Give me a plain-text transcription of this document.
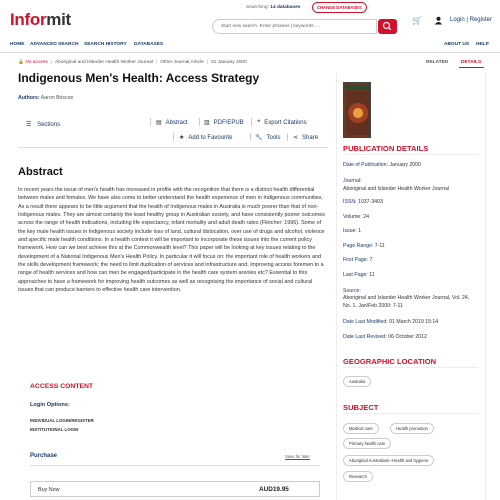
Informit
Searching: 14 databases	CHANGE DATABASES
Start new search. Enter phrases | keywords ...
🛒	Login | Register
HOME ADVANCED SEARCH SEARCH HISTORY DATABASES	ABOUT US HELP
RELATED	DETAILS
🔒 No access | Aboriginal and Islander Health Worker Journal | Other Journal Article | 01 January 2000
Indigenous Men's Health: Access Strategy
Authors: Aaron Briscoe
☰ Sections	▤ Abstract	▥ PDF/EPUB ❝ Export Citations
★ Add to Favourite	🔧 Tools ⋖ Share
Abstract
In recent years the issue of men's health has increased in profile with the recognition that there is a distinct health differential between males and females. We have also come to better understand the health experience of men in Indigenous communities. As a result there appears to be little argument that the health of Indigenous males in Australia is much poorer than that of non-Indigenous males. They are almost certainly the least healthy group in Australian society, and have consistently poorer outcomes across the range of health indications, including life expectancy, infant mortality and adult death rates (Fletcher: 1996). Some of the key male health issues in Indigenous society include loss of land, cultural dislocation, over use of drugs and alcohol, violence and specific male health conditions. In a health context it will be important to incorporate these issues into the current policy framework. How can we best achieve this at the Commonwealth level? This paper will be looking at key issues relating to the development of a National Indigenous Men's Health Policy. In particular it will focus on: the important role of health workers and the skills development framework; the need to limit duplication of services and infrastructure and, improving access foremen to a range of health services and how can men be engaged/participate in the health care system areoles etc? Essential to this approaches to have a framework for improving health outcomes as well as recognising the importance of social and cultural issues that can produce barriers to effective health care intervention.
ACCESS CONTENT
Login Options:
INDIVIDUAL LOGIN/REGISTER
INSTITUTIONAL LOGIN
Purchase	Save for later
Buy Now	AUD19.95
PUBLICATION DETAILS
Date of Publication: January 2000
Journal:
Aboriginal and Islander Health Worker Journal
ISSN: 1037-3403
Volume: 24
Issue: 1
Page Range: 7-11
First Page: 7
Last Page: 11
Source:
Aboriginal and Islander Health Worker Journal, Vol. 24, No. 1, Jan/Feb 2000: 7-11
Date Last Modified: 01 March 2019 15:14
Date Last Revised: 06 October 2012
GEOGRAPHIC LOCATION
Australia
SUBJECT
Medical care	Health promotion
Primary health care
Aboriginal Australians--Health and hygiene
Research
